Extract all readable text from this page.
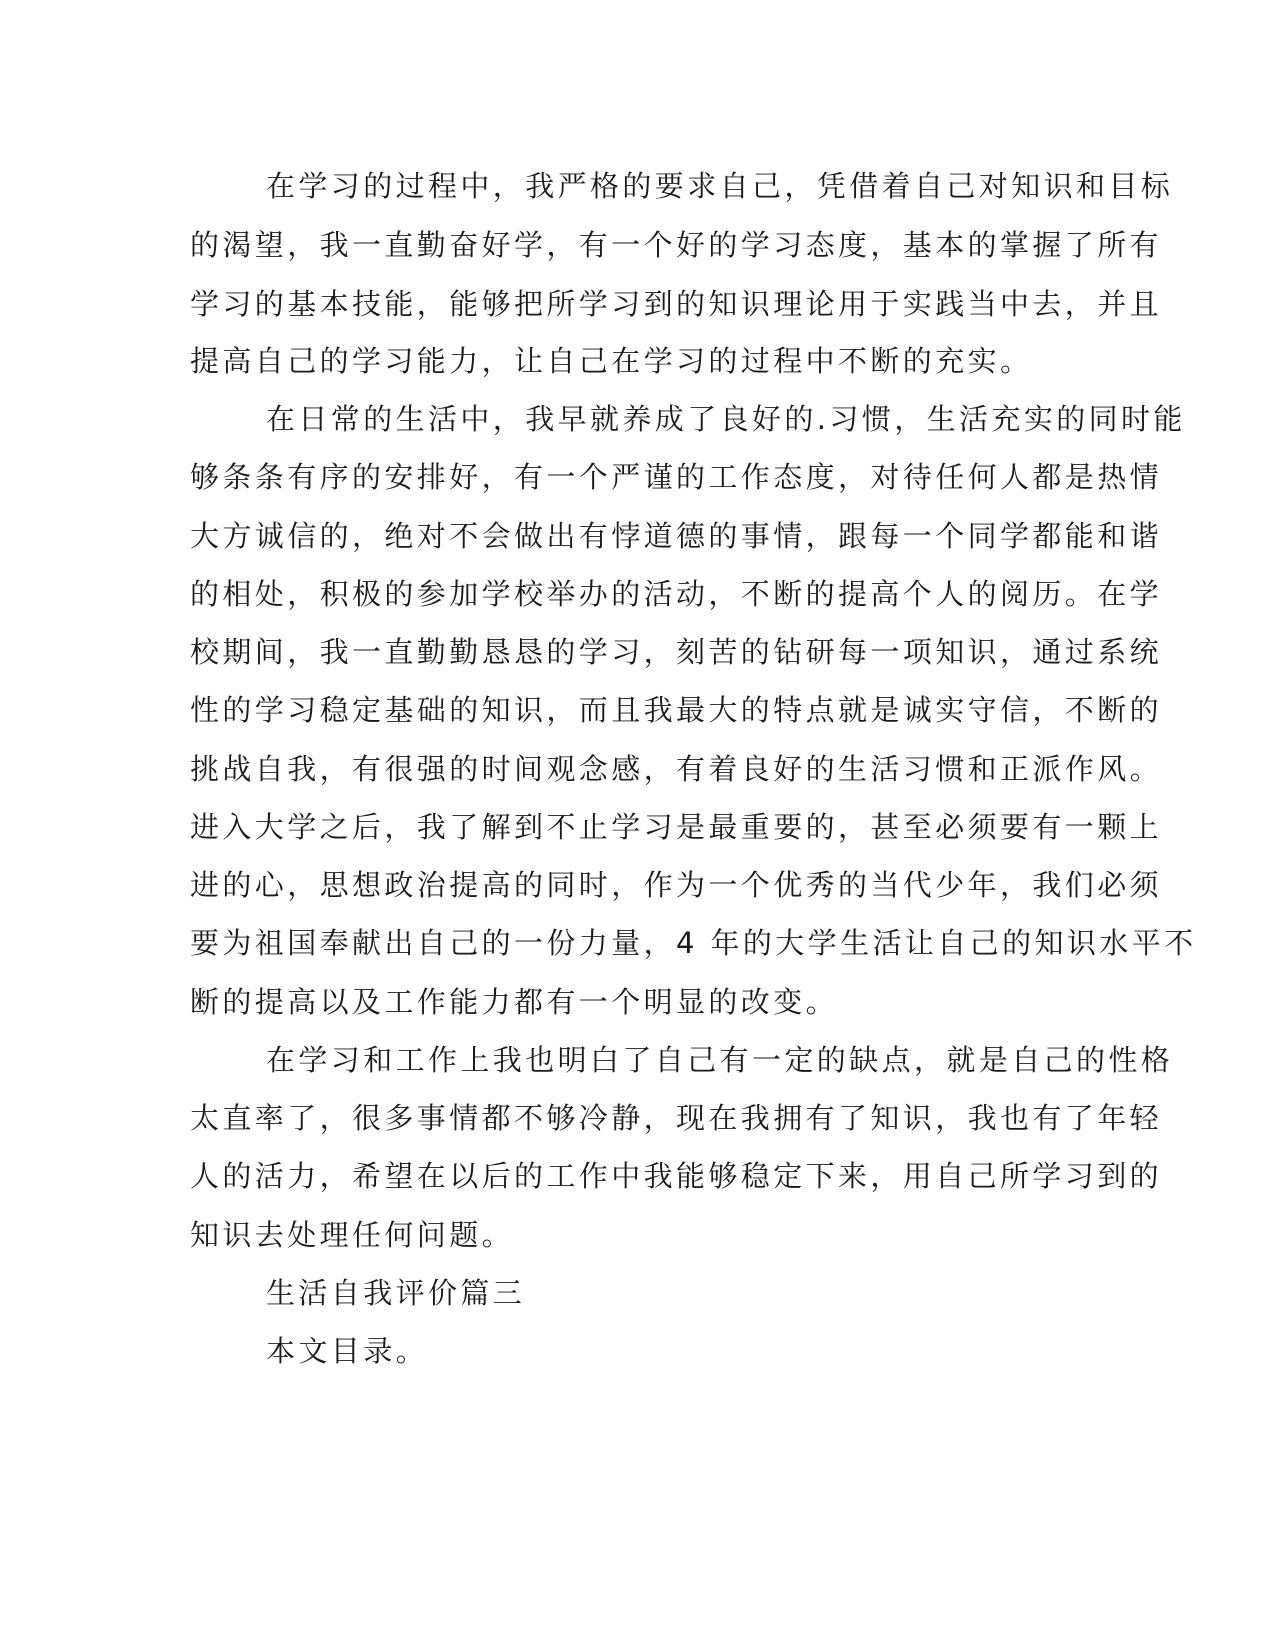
在学习的过程中，我严格的要求自己，凭借着自己对知识和目标
的渴望，我一直勤奋好学，有一个好的学习态度，基本的掌握了所有
学习的基本技能，能够把所学习到的知识理论用于实践当中去，并且
提高自己的学习能力，让自己在学习的过程中不断的充实。
在日常的生活中，我早就养成了良好的.习惯，生活充实的同时能
够条条有序的安排好，有一个严谨的工作态度，对待任何人都是热情
大方诚信的，绝对不会做出有悖道德的事情，跟每一个同学都能和谐
的相处，积极的参加学校举办的活动，不断的提高个人的阅历。在学
校期间，我一直勤勤恳恳的学习，刻苦的钻研每一项知识，通过系统
性的学习稳定基础的知识，而且我最大的特点就是诚实守信，不断的
挑战自我，有很强的时间观念感，有着良好的生活习惯和正派作风。
进入大学之后，我了解到不止学习是最重要的，甚至必须要有一颗上
进的心，思想政治提高的同时，作为一个优秀的当代少年，我们必须
要为祖国奉献出自己的一份力量，4 年的大学生活让自己的知识水平不
断的提高以及工作能力都有一个明显的改变。
在学习和工作上我也明白了自己有一定的缺点，就是自己的性格
太直率了，很多事情都不够冷静，现在我拥有了知识，我也有了年轻
人的活力，希望在以后的工作中我能够稳定下来，用自己所学习到的
知识去处理任何问题。
生活自我评价篇三
本文目录。
